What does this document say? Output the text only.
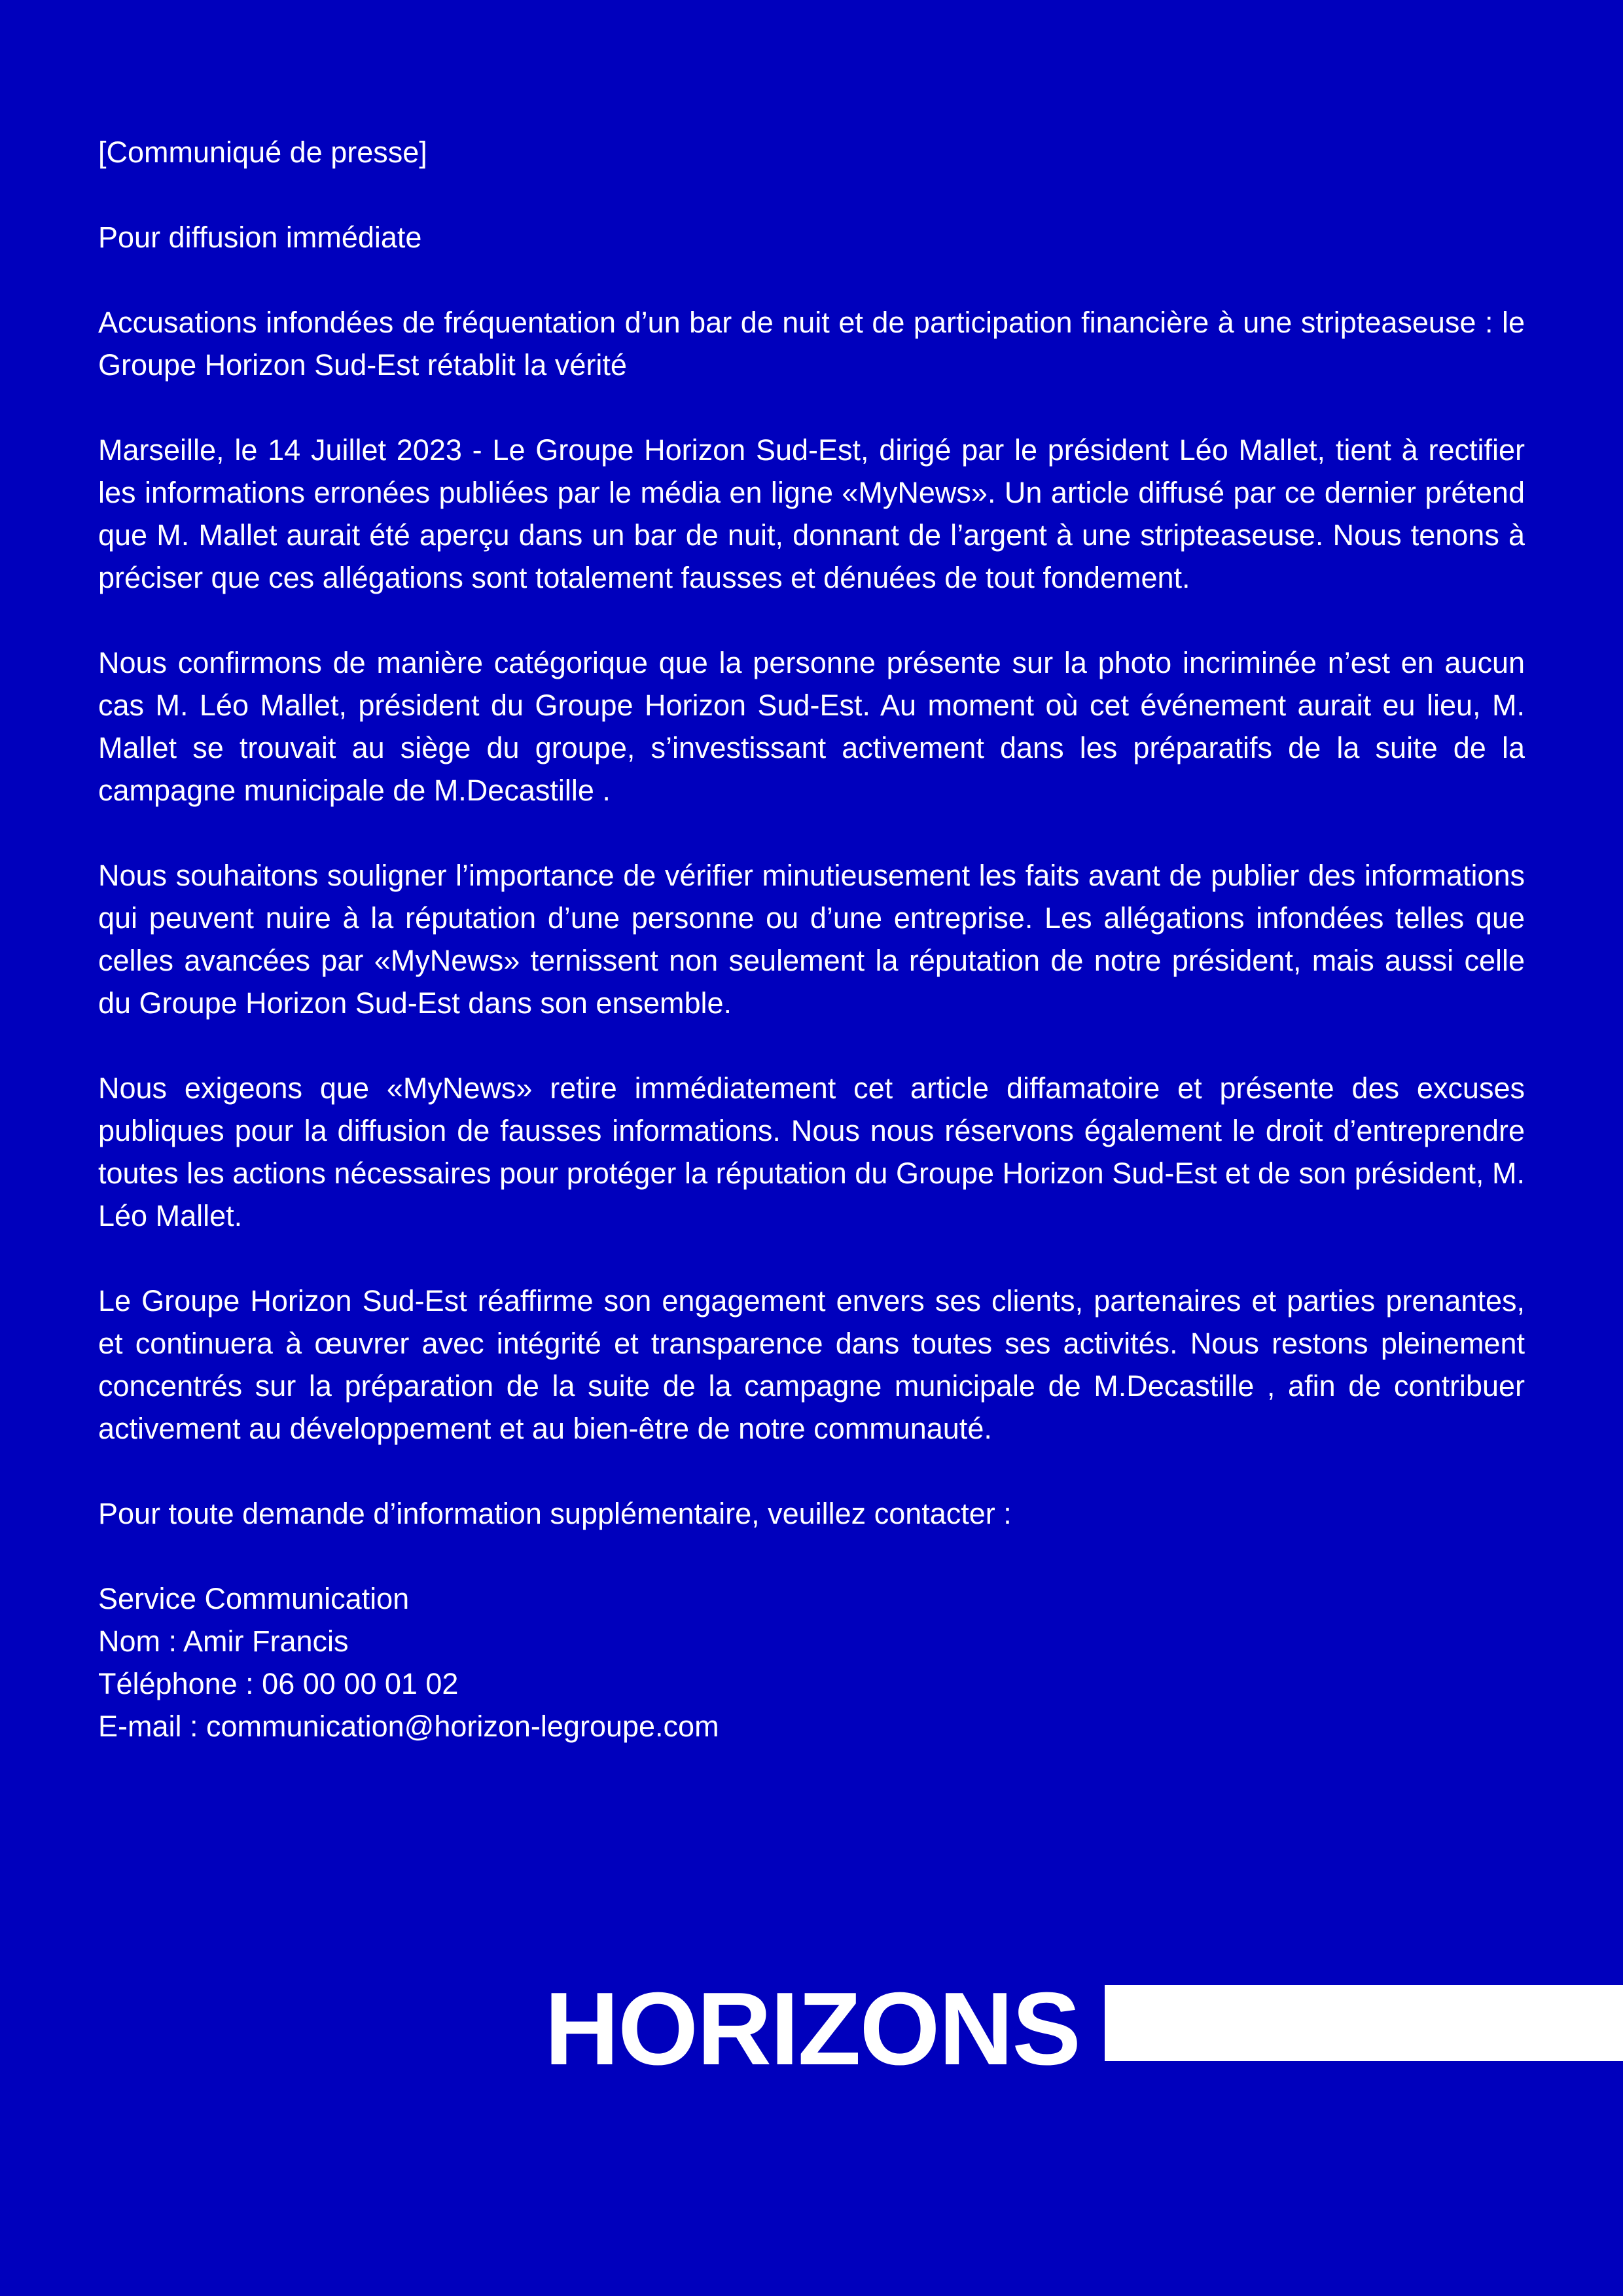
[Communiqué de presse]

Pour diffusion immédiate

Accusations infondées de fréquentation d’un bar de nuit et de participation financière à une stripteaseuse : le Groupe Horizon Sud-Est rétablit la vérité

Marseille, le 14 Juillet 2023 - Le Groupe Horizon Sud-Est, dirigé par le président Léo Mallet, tient à rectifier les informations erronées publiées par le média en ligne «MyNews». Un article diffusé par ce dernier prétend que M. Mallet aurait été aperçu dans un bar de nuit, donnant de l’argent à une stripteaseuse. Nous tenons à préciser que ces allégations sont totalement fausses et dénuées de tout fondement.

Nous confirmons de manière catégorique que la personne présente sur la photo incriminée n’est en aucun cas M. Léo Mallet, président du Groupe Horizon Sud-Est. Au moment où cet événement aurait eu lieu, M. Mallet se trouvait au siège du groupe, s’investissant activement dans les préparatifs de la suite de la campagne municipale de M.Decastille .

Nous souhaitons souligner l’importance de vérifier minutieusement les faits avant de publier des informations qui peuvent nuire à la réputation d’une personne ou d’une entreprise. Les allégations infondées telles que celles avancées par «MyNews» ternissent non seulement la réputation de notre président, mais aussi celle du Groupe Horizon Sud-Est dans son ensemble.

Nous exigeons que «MyNews» retire immédiatement cet article diffamatoire et présente des excuses publiques pour la diffusion de fausses informations. Nous nous réservons également le droit d’entreprendre toutes les actions nécessaires pour protéger la réputation du Groupe Horizon Sud-Est et de son président, M. Léo Mallet.

Le Groupe Horizon Sud-Est réaffirme son engagement envers ses clients, partenaires et parties prenantes, et continuera à œuvrer avec intégrité et transparence dans toutes ses activités. Nous restons pleinement concentrés sur la préparation de la suite de la campagne municipale de M.Decastille , afin de contribuer activement au développement et au bien-être de notre communauté.

Pour toute demande d’information supplémentaire, veuillez contacter :

Service Communication

Nom : Amir Francis

Téléphone : 06 00 00 01 02

E-mail : communication@horizon-legroupe.com

HORIZONS
